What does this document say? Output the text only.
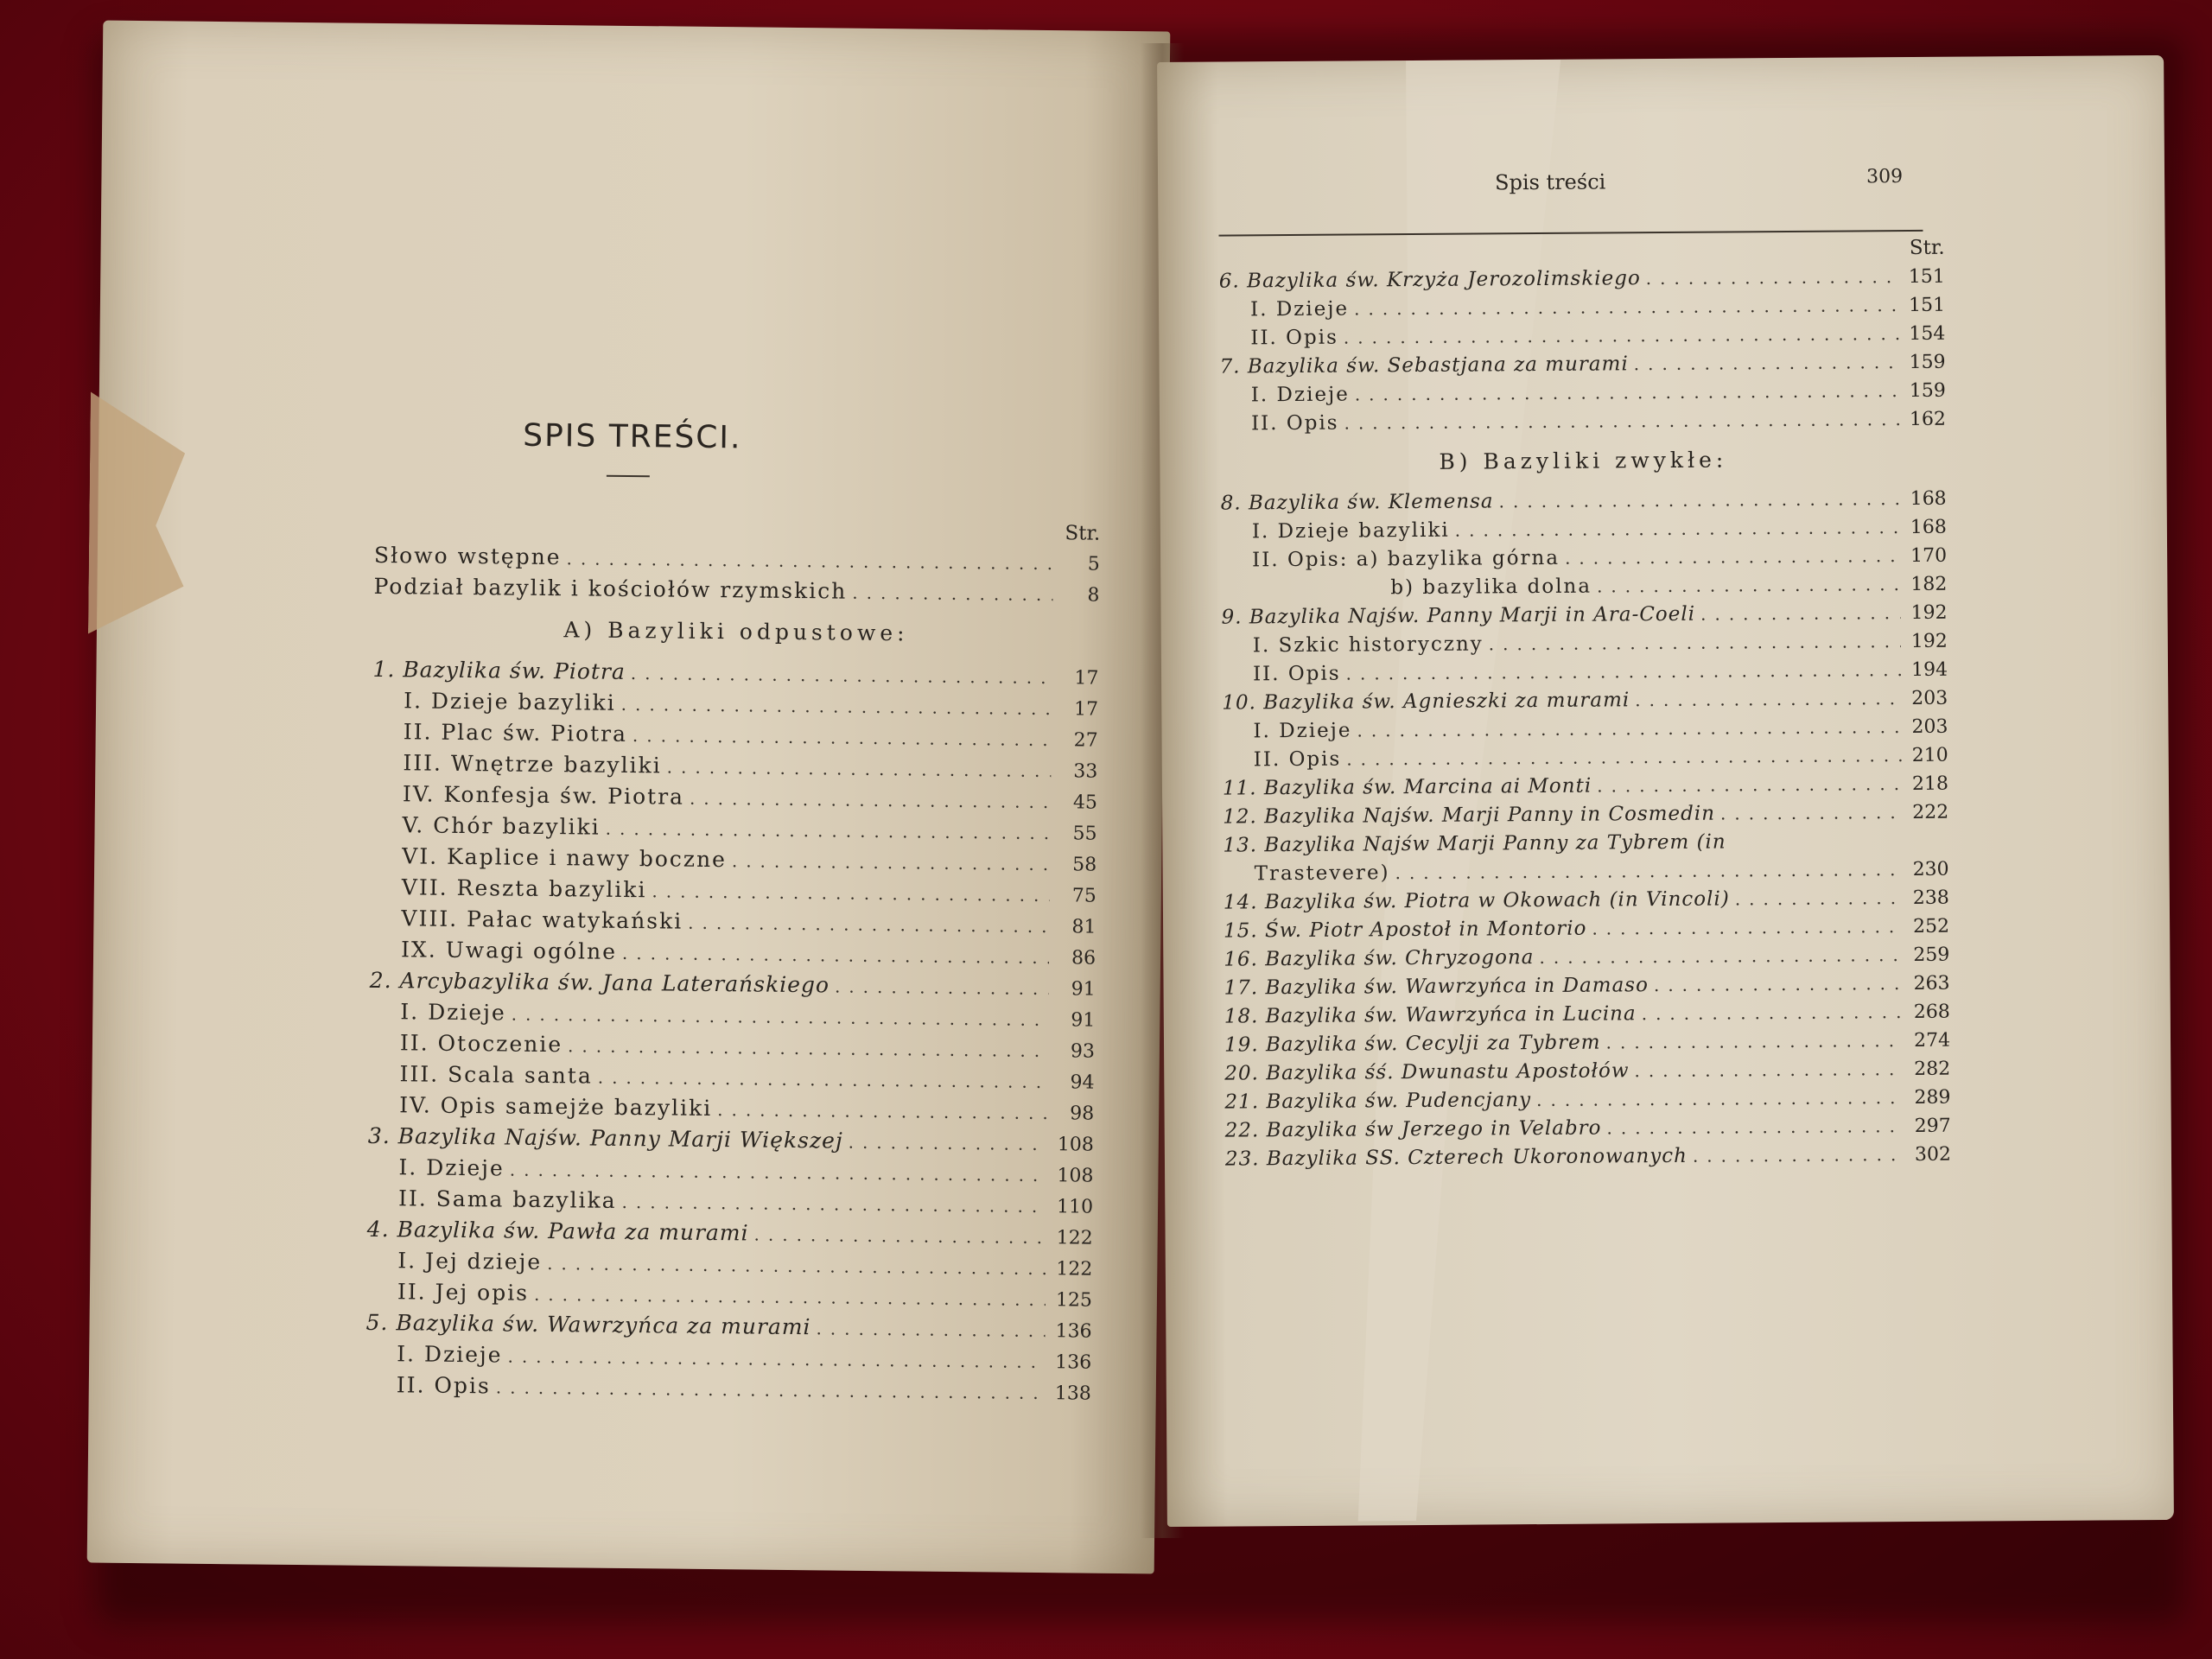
SPIS TREŚCI.
Str.
Słowo wstępne .....	5
Podział bazylik i kościołów rzymskich .....	8
A) Bazyliki odpustowe:
1. Bazylika św. Piotra .....	17
I. Dzieje bazyliki .....	17
II. Plac św. Piotra .....	27
III. Wnętrze bazyliki .....	33
IV. Konfesja św. Piotra .....	45
V. Chór bazyliki .....	55
VI. Kaplice i nawy boczne .....	58
VII. Reszta bazyliki .....	75
VIII. Pałac watykański .....	81
IX. Uwagi ogólne .....	86
2. Arcybazylika św. Jana Laterańskiego .....	91
I. Dzieje .....	91
II. Otoczenie .....	93
III. Scala santa .....	94
IV. Opis samejże bazyliki .....	98
3. Bazylika Najśw. Panny Marji Większej .....	108
I. Dzieje .....	108
II. Sama bazylika .....	110
4. Bazylika św. Pawła za murami .....	122
I. Jej dzieje .....	122
II. Jej opis .....	125
5. Bazylika św. Wawrzyńca za murami .....	136
I. Dzieje .....	136
II. Opis .....	138
Spis treści	309
Str.
6. Bazylika św. Krzyża Jerozolimskiego .....	151
I. Dzieje .....	151
II. Opis .....	154
7. Bazylika św. Sebastjana za murami .....	159
I. Dzieje .....	159
II. Opis .....	162
B) Bazyliki zwykłe:
8. Bazylika św. Klemensa .....	168
I. Dzieje bazyliki .....	168
II. Opis: a) bazylika górna .....	170
b) bazylika dolna .....	182
9. Bazylika Najśw. Panny Marji in Ara-Coeli .....	192
I. Szkic historyczny .....	192
II. Opis .....	194
10. Bazylika św. Agnieszki za murami .....	203
I. Dzieje .....	203
II. Opis .....	210
11. Bazylika św. Marcina ai Monti .....	218
12. Bazylika Najśw. Marji Panny in Cosmedin .....	222
13. Bazylika Najśw Marji Panny za Tybrem (in
Trastevere) .....	230
14. Bazylika św. Piotra w Okowach (in Vincoli) .....	238
15. Św. Piotr Apostoł in Montorio .....	252
16. Bazylika św. Chryzogona .....	259
17. Bazylika św. Wawrzyńca in Damaso .....	263
18. Bazylika św. Wawrzyńca in Lucina .....	268
19. Bazylika św. Cecylji za Tybrem .....	274
20. Bazylika śś. Dwunastu Apostołów .....	282
21. Bazylika św. Pudencjany .....	289
22. Bazylika św Jerzego in Velabro .....	297
23. Bazylika SS. Czterech Ukoronowanych .....	302
